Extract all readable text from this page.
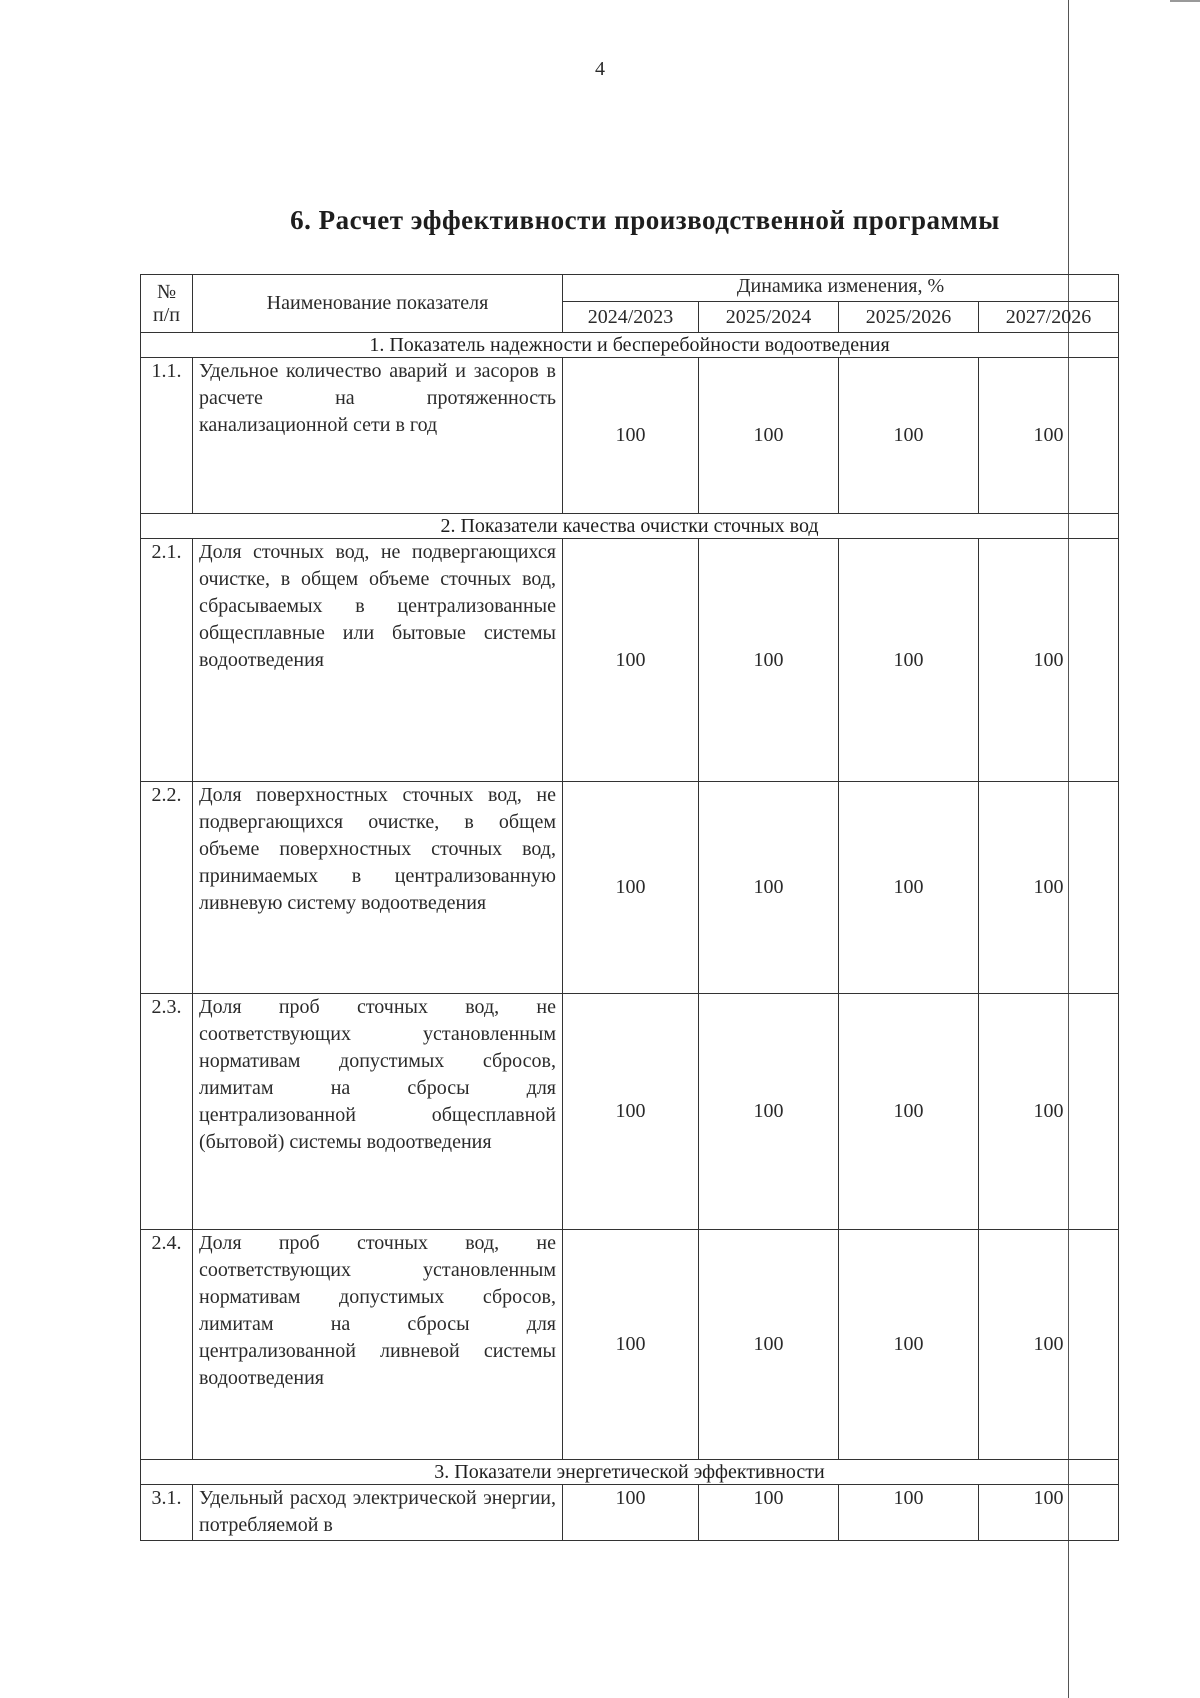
4
6. Расчет эффективности производственной программы
№
п/п	Наименование показателя	Динамика изменения, %			
		2024/2023	2025/2024	2025/2026	2027/2026
1. Показатель надежности и бесперебойности водоотведения					
1.1.	Удельное количество аварий и засоров в расчете на протяженность канализационной сети в год	100	100	100	100
2. Показатели качества очистки сточных вод					
2.1.	Доля сточных вод, не подвергающихся очистке, в общем объеме сточных вод, сбрасываемых в централизованные общесплавные или бытовые системы водоотведения	100	100	100	100
2.2.	Доля поверхностных сточных вод, не подвергающихся очистке, в общем объеме поверхностных сточных вод, принимаемых в централизованную ливневую систему водоотведения	100	100	100	100
2.3.	Доля проб сточных вод, не соответствующих установленным нормативам допустимых сбросов, лимитам на сбросы для централизованной общесплавной (бытовой) системы водоотведения	100	100	100	100
2.4.	Доля проб сточных вод, не соответствующих установленным нормативам допустимых сбросов, лимитам на сбросы для централизованной ливневой системы водоотведения	100	100	100	100
3. Показатели энергетической эффективности					
3.1.	Удельный расход электрической энергии, потребляемой в	100	100	100	100
